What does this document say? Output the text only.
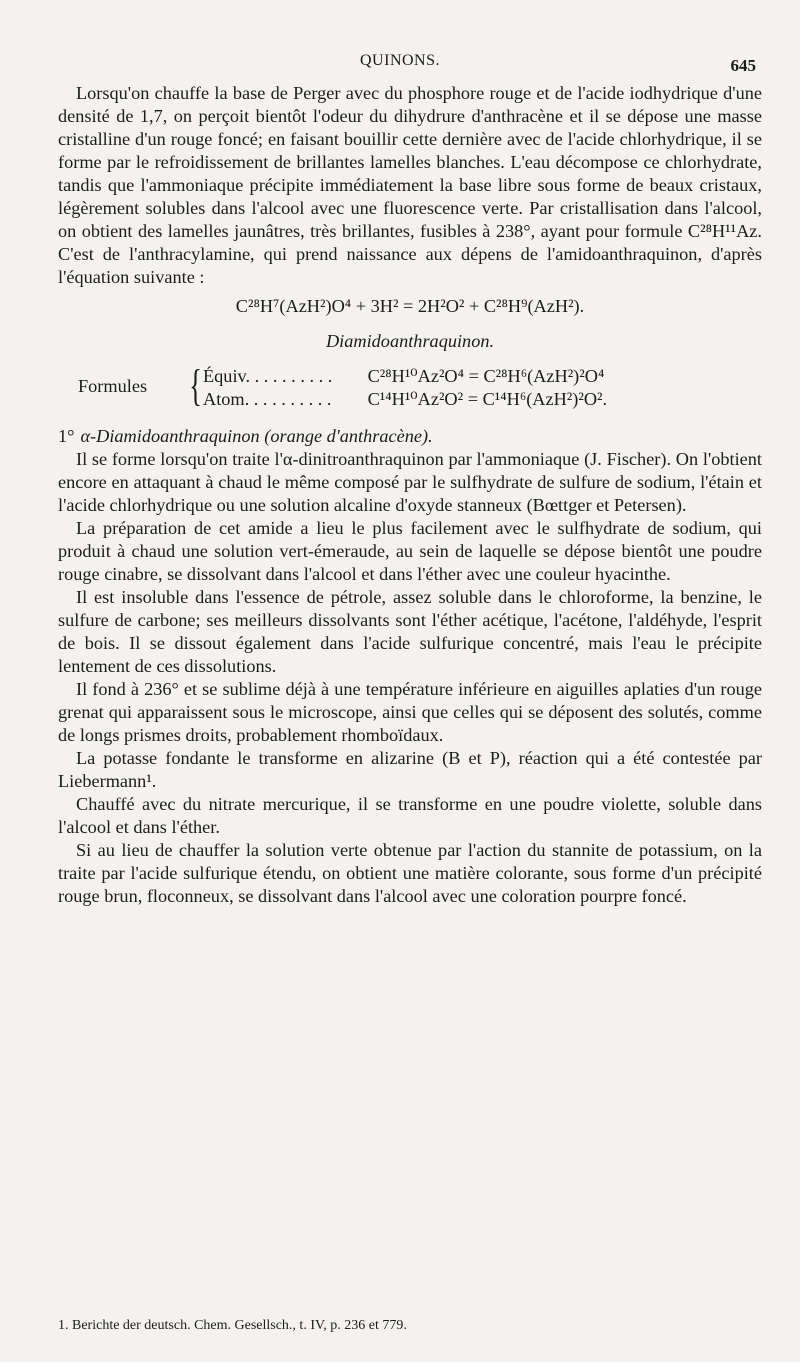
QUINONS.	645

Lorsqu'on chauffe la base de Perger avec du phosphore rouge et de l'acide iodhydrique d'une densité de 1,7, on perçoit bientôt l'odeur du dihydrure d'anthracène et il se dépose une masse cristalline d'un rouge foncé; en faisant bouillir cette dernière avec de l'acide chlorhydrique, il se forme par le refroidissement de brillantes lamelles blanches. L'eau décompose ce chlorhydrate, tandis que l'ammoniaque précipite immédiatement la base libre sous forme de beaux cristaux, légèrement solubles dans l'alcool avec une fluorescence verte. Par cristallisation dans l'alcool, on obtient des lamelles jaunâtres, très brillantes, fusibles à 238°, ayant pour formule C²⁸H¹¹Az. C'est de l'anthracylamine, qui prend naissance aux dépens de l'amidoanthraquinon, d'après l'équation suivante :

C²⁸H⁷(AzH²)O⁴ + 3H² = 2H²O² + C²⁸H⁹(AzH²).
Diamidoanthraquinon.
Formules { Équiv. . . . . . . . . . C²⁸H¹⁰Az²O⁴ = C²⁸H⁶(AzH²)²O⁴
Atom. . . . . . . . . . C¹⁴H¹⁰Az²O² = C¹⁴H⁶(AzH²)²O².

1° α-Diamidoanthraquinon (orange d'anthracène).

Il se forme lorsqu'on traite l'α-dinitroanthraquinon par l'ammoniaque (J. Fischer). On l'obtient encore en attaquant à chaud le même composé par le sulfhydrate de sulfure de sodium, l'étain et l'acide chlorhydrique ou une solution alcaline d'oxyde stanneux (Bœttger et Petersen).

La préparation de cet amide a lieu le plus facilement avec le sulfhydrate de sodium, qui produit à chaud une solution vert-émeraude, au sein de laquelle se dépose bientôt une poudre rouge cinabre, se dissolvant dans l'alcool et dans l'éther avec une couleur hyacinthe.

Il est insoluble dans l'essence de pétrole, assez soluble dans le chloroforme, la benzine, le sulfure de carbone; ses meilleurs dissolvants sont l'éther acétique, l'acétone, l'aldéhyde, l'esprit de bois. Il se dissout également dans l'acide sulfurique concentré, mais l'eau le précipite lentement de ces dissolutions.

Il fond à 236° et se sublime déjà à une température inférieure en aiguilles aplaties d'un rouge grenat qui apparaissent sous le microscope, ainsi que celles qui se déposent des solutés, comme de longs prismes droits, probablement rhomboïdaux.

La potasse fondante le transforme en alizarine (B et P), réaction qui a été contestée par Liebermann¹.

Chauffé avec du nitrate mercurique, il se transforme en une poudre violette, soluble dans l'alcool et dans l'éther.

Si au lieu de chauffer la solution verte obtenue par l'action du stannite de potassium, on la traite par l'acide sulfurique étendu, on obtient une matière colorante, sous forme d'un précipité rouge brun, floconneux, se dissolvant dans l'alcool avec une coloration pourpre foncé.

1. Berichte der deutsch. Chem. Gesellsch., t. IV, p. 236 et 779.
